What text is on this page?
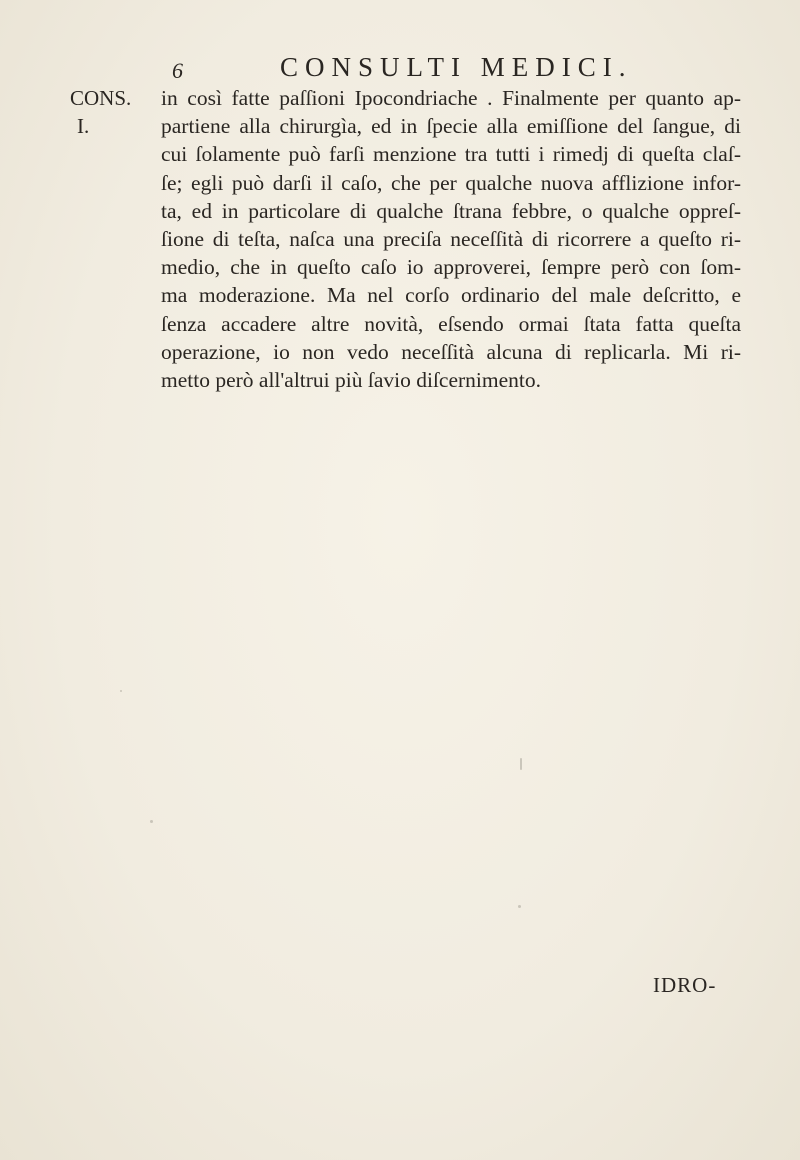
6	CONSULTI MEDICI.
CONS.
I.
in così fatte paſſioni Ipocondriache . Finalmente per quanto ap-
partiene alla chirurgìa, ed in ſpecie alla emiſſione del ſangue, di
cui ſolamente può farſi menzione tra tutti i rimedj di queſta claſ-
ſe; egli può darſi il caſo, che per qualche nuova afflizione infor-
ta, ed in particolare di qualche ſtrana febbre, o qualche oppreſ-
ſione di teſta, naſca una preciſa neceſſità di ricorrere a queſto ri-
medio, che in queſto caſo io approverei, ſempre però con ſom-
ma moderazione. Ma nel corſo ordinario del male deſcritto, e
ſenza accadere altre novità, eſsendo ormai ſtata fatta queſta
operazione, io non vedo neceſſità alcuna di replicarla. Mi ri-
metto però all'altrui più ſavio diſcernimento.
IDRO-
